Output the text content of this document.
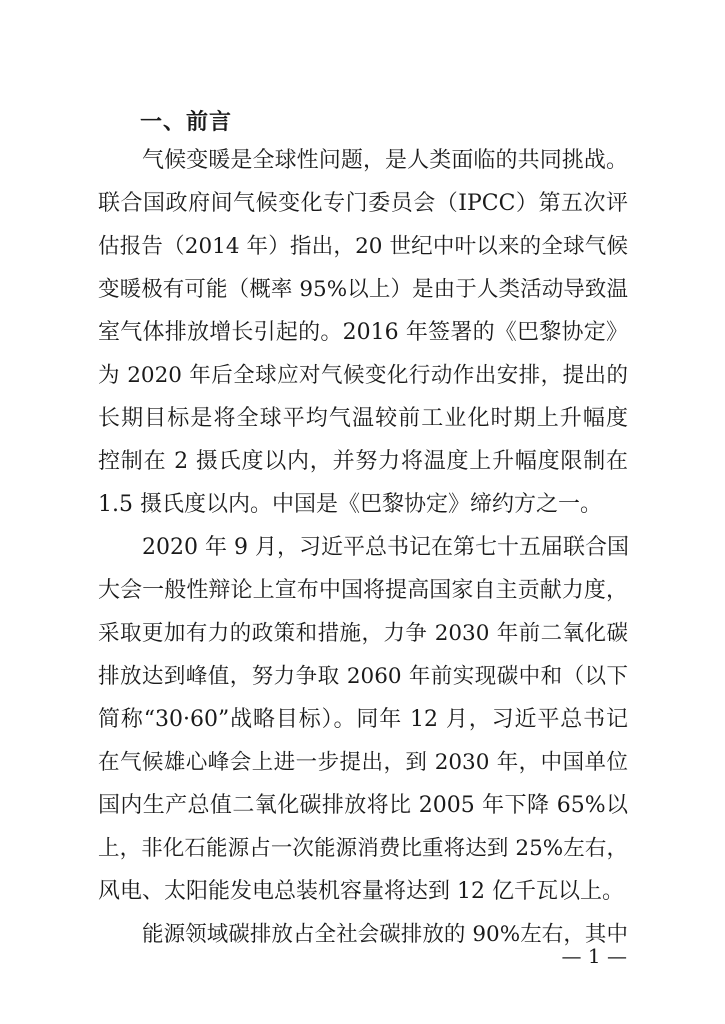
一、前言
气候变暖是全球性问题，是人类面临的共同挑战。
联合国政府间气候变化专门委员会（IPCC）第五次评
估报告（2014 年）指出，20 世纪中叶以来的全球气候
变暖极有可能（概率 95%以上）是由于人类活动导致温
室气体排放增长引起的。2016 年签署的《巴黎协定》
为 2020 年后全球应对气候变化行动作出安排，提出的
长期目标是将全球平均气温较前工业化时期上升幅度
控制在 2 摄氏度以内，并努力将温度上升幅度限制在
1.5 摄氏度以内。中国是《巴黎协定》缔约方之一。
2020 年 9 月，习近平总书记在第七十五届联合国
大会一般性辩论上宣布中国将提高国家自主贡献力度，
采取更加有力的政策和措施，力争 2030 年前二氧化碳
排放达到峰值，努力争取 2060 年前实现碳中和（以下
简称“30·60”战略目标）。同年 12 月，习近平总书记
在气候雄心峰会上进一步提出，到 2030 年，中国单位
国内生产总值二氧化碳排放将比 2005 年下降 65%以
上，非化石能源占一次能源消费比重将达到 25%左右，
风电、太阳能发电总装机容量将达到 12 亿千瓦以上。
能源领域碳排放占全社会碳排放的 90%左右，其中
— 1 —
